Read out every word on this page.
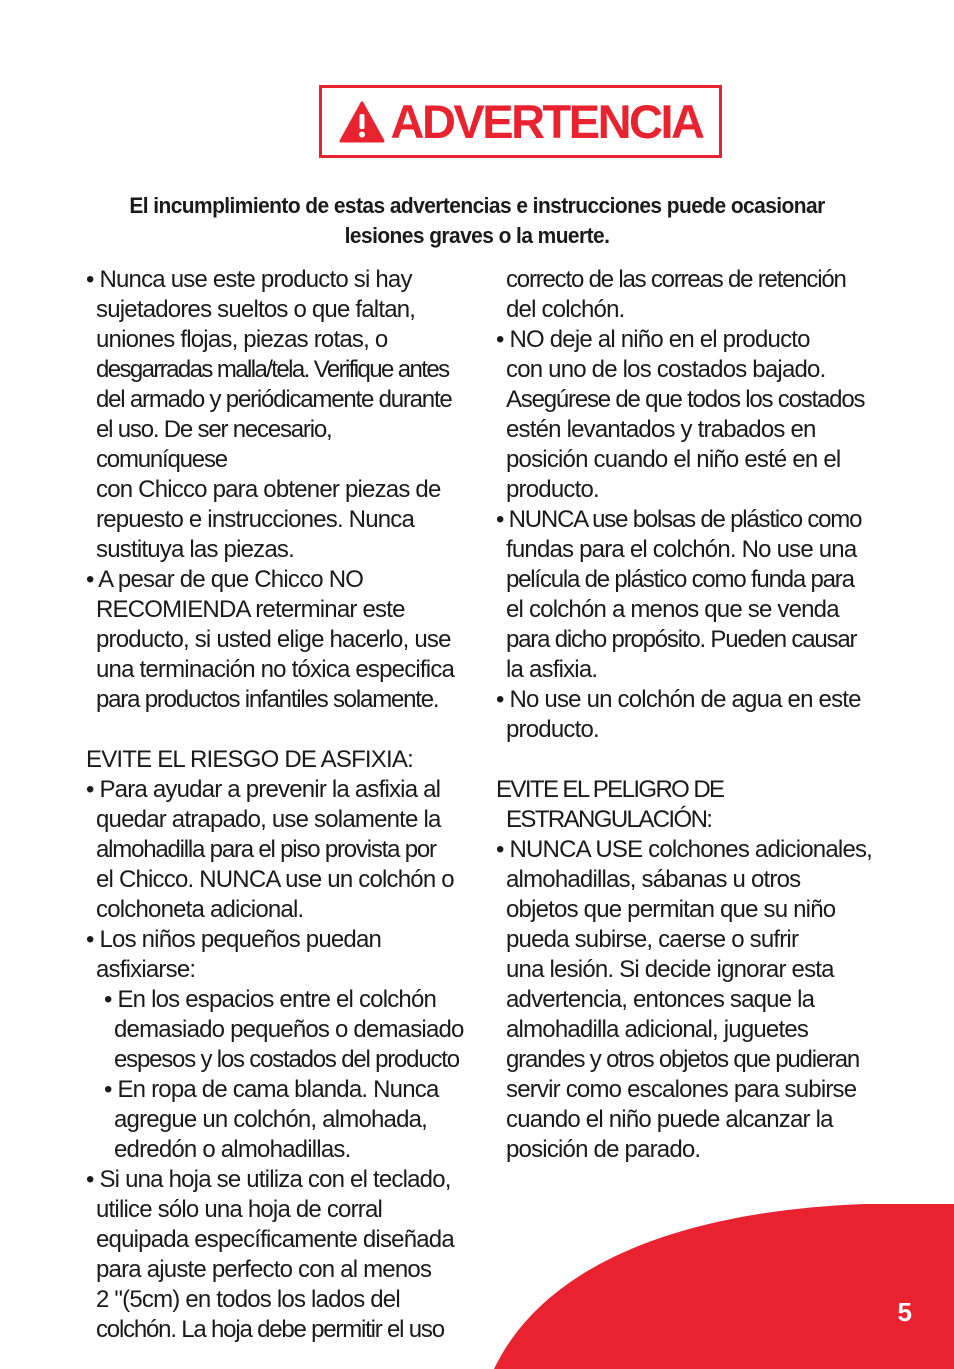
ADVERTENCIA
El incumplimiento de estas advertencias e instrucciones puede ocasionar
lesiones graves o la muerte.

• Nunca use este producto si hay

sujetadores sueltos o que faltan,

uniones flojas, piezas rotas, o

desgarradas malla/tela. Verifique antes

del armado y periódicamente durante

el uso. De ser necesario, comuníquese

con Chicco para obtener piezas de

repuesto e instrucciones. Nunca

sustituya las piezas.

• A pesar de que Chicco NO

RECOMIENDA reterminar este

producto, si usted elige hacerlo, use

una terminación no tóxica especifica

para productos infantiles solamente.

EVITE EL RIESGO DE ASFIXIA:

• Para ayudar a prevenir la asfixia al

quedar atrapado, use solamente la

almohadilla para el piso provista por

el Chicco. NUNCA use un colchón o

colchoneta adicional.

• Los niños pequeños puedan

asfixiarse:

• En los espacios entre el colchón

demasiado pequeños o demasiado

espesos y los costados del producto

• En ropa de cama blanda. Nunca

agregue un colchón, almohada,

edredón o almohadillas.

• Si una hoja se utiliza con el teclado,

utilice sólo una hoja de corral

equipada específicamente diseñada

para ajuste perfecto con al menos

2 "(5cm) en todos los lados del

colchón. La hoja debe permitir el uso

correcto de las correas de retención

del colchón.

• NO deje al niño en el producto

con uno de los costados bajado.

Asegúrese de que todos los costados

estén levantados y trabados en

posición cuando el niño esté en el

producto.

• NUNCA use bolsas de plástico como

fundas para el colchón. No use una

película de plástico como funda para

el colchón a menos que se venda

para dicho propósito. Pueden causar

la asfixia.

• No use un colchón de agua en este

producto.

EVITE EL PELIGRO DE

ESTRANGULACIÓN:

• NUNCA USE colchones adicionales,

almohadillas, sábanas u otros

objetos que permitan que su niño

pueda subirse, caerse o sufrir

una lesión. Si decide ignorar esta

advertencia, entonces saque la

almohadilla adicional, juguetes

grandes y otros objetos que pudieran

servir como escalones para subirse

cuando el niño puede alcanzar la

posición de parado.

5
